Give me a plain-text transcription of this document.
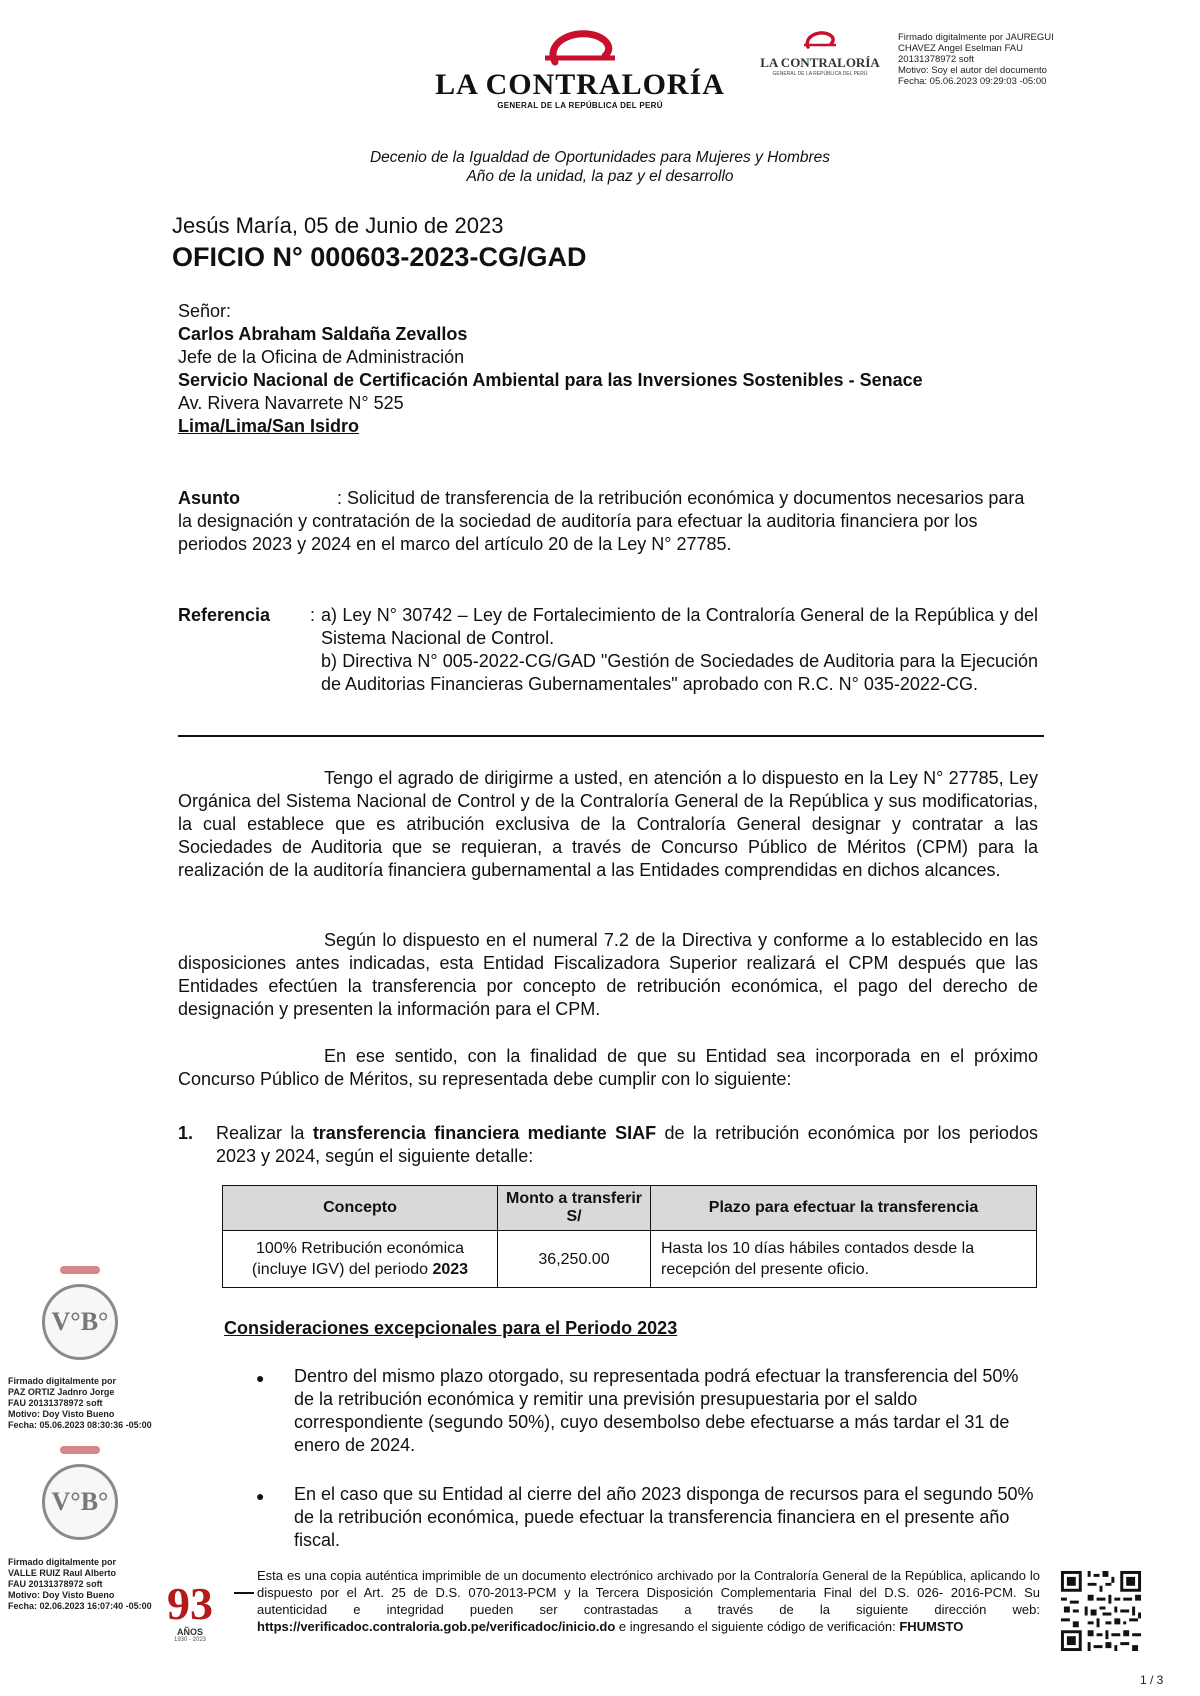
LA CONTRALORÍA
GENERAL DE LA REPÚBLICA DEL PERÚ
LA CONTRALORÍA
GENERAL DE LA REPÚBLICA DEL PERÚ
Firmado digitalmente por JAUREGUI
CHAVEZ Angel Eselman FAU
20131378972 soft
Motivo: Soy el autor del documento
Fecha: 05.06.2023 09:29:03 -05:00
Decenio de la Igualdad de Oportunidades para Mujeres y Hombres
Año de la unidad, la paz y el desarrollo
Jesús María, 05 de Junio de 2023
OFICIO N° 000603-2023-CG/GAD
Señor:
Carlos Abraham Saldaña Zevallos
Jefe de la Oficina de Administración
Servicio Nacional de Certificación Ambiental para las Inversiones Sostenibles - Senace
Av. Rivera Navarrete N° 525
Lima/Lima/San Isidro
Asunto	: Solicitud de transferencia de la retribución económica y documentos necesarios para la designación y contratación de la sociedad de auditoría para efectuar la auditoria financiera por los periodos 2023 y 2024 en el marco del artículo 20 de la Ley N° 27785.
Referencia : a) Ley N° 30742 – Ley de Fortalecimiento de la Contraloría General de la República y del Sistema Nacional de Control.
b) Directiva N° 005-2022-CG/GAD "Gestión de Sociedades de Auditoria para la Ejecución de Auditorias Financieras Gubernamentales" aprobado con R.C. N° 035-2022-CG.
Tengo el agrado de dirigirme a usted, en atención a lo dispuesto en la Ley N° 27785, Ley Orgánica del Sistema Nacional de Control y de la Contraloría General de la República y sus modificatorias, la cual establece que es atribución exclusiva de la Contraloría General designar y contratar a las Sociedades de Auditoria que se requieran, a través de Concurso Público de Méritos (CPM) para la realización de la auditoría financiera gubernamental a las Entidades comprendidas en dichos alcances.
Según lo dispuesto en el numeral 7.2 de la Directiva y conforme a lo establecido en las disposiciones antes indicadas, esta Entidad Fiscalizadora Superior realizará el CPM después que las Entidades efectúen la transferencia por concepto de retribución económica, el pago del derecho de designación y presenten la información para el CPM.
En ese sentido, con la finalidad de que su Entidad sea incorporada en el próximo Concurso Público de Méritos, su representada debe cumplir con lo siguiente:
1. Realizar la transferencia financiera mediante SIAF de la retribución económica por los periodos 2023 y 2024, según el siguiente detalle:
Concepto	Monto a transferir S/	Plazo para efectuar la transferencia
100% Retribución económica (incluye IGV) del periodo 2023	36,250.00	Hasta los 10 días hábiles contados desde la recepción del presente oficio.
Consideraciones excepcionales para el Periodo 2023
● Dentro del mismo plazo otorgado, su representada podrá efectuar la transferencia del 50% de la retribución económica y remitir una previsión presupuestaria por el saldo correspondiente (segundo 50%), cuyo desembolso debe efectuarse a más tardar el 31 de enero de 2024.
● En el caso que su Entidad al cierre del año 2023 disponga de recursos para el segundo 50% de la retribución económica, puede efectuar la transferencia financiera en el presente año fiscal.
V°B°
Firmado digitalmente por
PAZ ORTIZ Jadnro Jorge
FAU 20131378972 soft
Motivo: Doy Visto Bueno
Fecha: 05.06.2023 08:30:36 -05:00
V°B°
Firmado digitalmente por
VALLE RUIZ Raul Alberto
FAU 20131378972 soft
Motivo: Doy Visto Bueno
Fecha: 02.06.2023 16:07:40 -05:00 93
AÑOS
1930 - 2023
Esta es una copia auténtica imprimible de un documento electrónico archivado por la Contraloría General de la República, aplicando lo dispuesto por el Art. 25 de D.S. 070-2013-PCM y la Tercera Disposición Complementaria Final del D.S. 026- 2016-PCM. Su autenticidad e integridad pueden ser contrastadas a través de la siguiente dirección web: https://verificadoc.contraloria.gob.pe/verificadoc/inicio.do e ingresando el siguiente código de verificación: FHUMSTO
1 / 3
